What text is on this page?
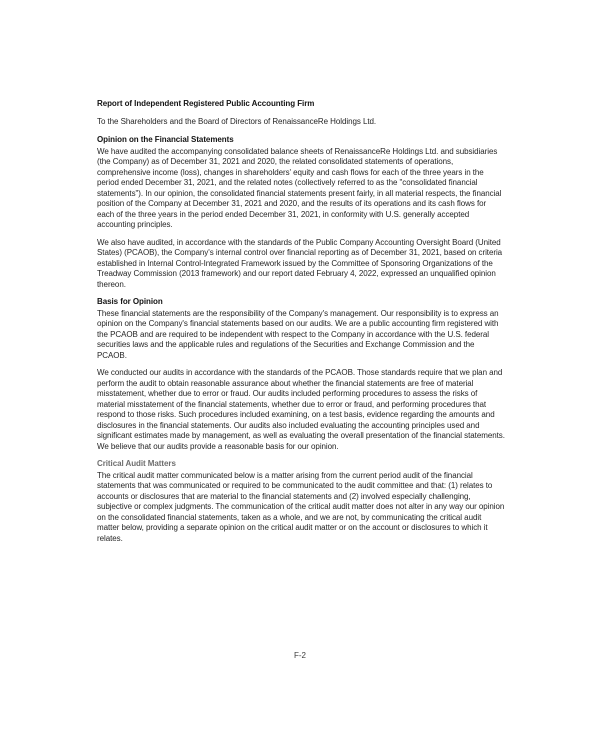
Report of Independent Registered Public Accounting Firm

To the Shareholders and the Board of Directors of RenaissanceRe Holdings Ltd.

Opinion on the Financial Statements

We have audited the accompanying consolidated balance sheets of RenaissanceRe Holdings Ltd. and subsidiaries (the Company) as of December 31, 2021 and 2020, the related consolidated statements of operations, comprehensive income (loss), changes in shareholders' equity and cash flows for each of the three years in the period ended December 31, 2021, and the related notes (collectively referred to as the "consolidated financial statements"). In our opinion, the consolidated financial statements present fairly, in all material respects, the financial position of the Company at December 31, 2021 and 2020, and the results of its operations and its cash flows for each of the three years in the period ended December 31, 2021, in conformity with U.S. generally accepted accounting principles.

We also have audited, in accordance with the standards of the Public Company Accounting Oversight Board (United States) (PCAOB), the Company's internal control over financial reporting as of December 31, 2021, based on criteria established in Internal Control-Integrated Framework issued by the Committee of Sponsoring Organizations of the Treadway Commission (2013 framework) and our report dated February 4, 2022, expressed an unqualified opinion thereon.

Basis for Opinion

These financial statements are the responsibility of the Company's management. Our responsibility is to express an opinion on the Company's financial statements based on our audits. We are a public accounting firm registered with the PCAOB and are required to be independent with respect to the Company in accordance with the U.S. federal securities laws and the applicable rules and regulations of the Securities and Exchange Commission and the PCAOB.

We conducted our audits in accordance with the standards of the PCAOB. Those standards require that we plan and perform the audit to obtain reasonable assurance about whether the financial statements are free of material misstatement, whether due to error or fraud. Our audits included performing procedures to assess the risks of material misstatement of the financial statements, whether due to error or fraud, and performing procedures that respond to those risks. Such procedures included examining, on a test basis, evidence regarding the amounts and disclosures in the financial statements. Our audits also included evaluating the accounting principles used and significant estimates made by management, as well as evaluating the overall presentation of the financial statements. We believe that our audits provide a reasonable basis for our opinion.

Critical Audit Matters

The critical audit matter communicated below is a matter arising from the current period audit of the financial statements that was communicated or required to be communicated to the audit committee and that: (1) relates to accounts or disclosures that are material to the financial statements and (2) involved especially challenging, subjective or complex judgments. The communication of the critical audit matter does not alter in any way our opinion on the consolidated financial statements, taken as a whole, and we are not, by communicating the critical audit matter below, providing a separate opinion on the critical audit matter or on the account or disclosures to which it relates.

F-2
